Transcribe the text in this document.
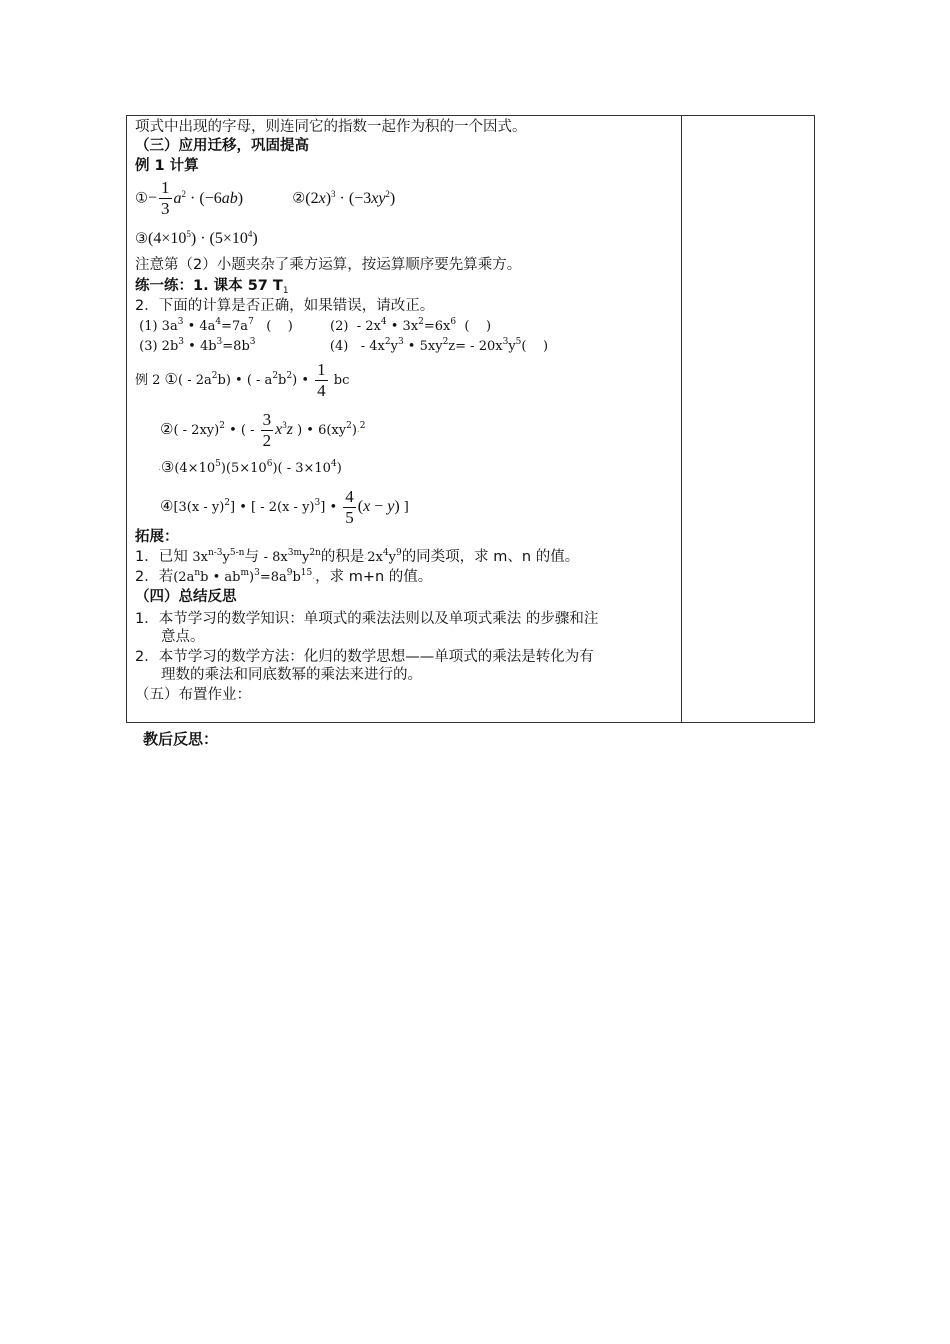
项式中出现的字母，则连同它的指数一起作为积的一个因式。
（三）应用迁移，巩固提高
例 1 计算
①− $\frac{1}{3} a^2 \cdot (-6ab)$	$②(2x)^3 \cdot (-3xy^2)$
$③(4\times 10^5) \cdot (5\times 10^4)$
注意第（2）小题夹杂了乘方运算，按运算顺序要先算乘方。
练一练：1. 课本 57 $T_1$
2．下面的计算是否正确，如果错误，请改正。
(1) $3a^3$ • $4a^4=7a^7$   (    )         $(2) - 2x^4$ • $3x^2=6x^6$  (    )
(3) $2b^3$ • $4b^3=8b^3$                  $(4) - 4x^2y^3$ • $5xy^2z= - 20x^3y^5$(    )
例 2 ①( - $2a^2b$) • ( - $a^2b^2$) • $\frac{1}{4}$ bc
②( - 2xy)$^2$ • ( - $\frac{3}{2} x^3z$ ) • $6(xy^2).^2$
$.③(4\times 10^5)(5\times 10^6)( - 3\times 10^4)$
④[3(x - y)$^2$] • [ - 2(x - y)$^3$] • $\frac{4}{5} (x - y)$ ]
拓展：
1．已知 $3x^{n-3}y^{5-n}$与 - $8x^{3m}y^{2n}$的积是$.2x^4y^9$的同类项，求 m、n 的值。
2．若($2a^nb$ • $ab^m)^3=8a^9b^{15}$.，求 m+n 的值。
（四）总结反思
1．本节学习的数学知识：单项式的乘法法则以及单项式乘法 的步骤和注
意点。
2．本节学习的数学方法：化归的数学思想——单项式的乘法是转化为有
理数的乘法和同底数幂的乘法来进行的。
（五）布置作业：
教后反思：
